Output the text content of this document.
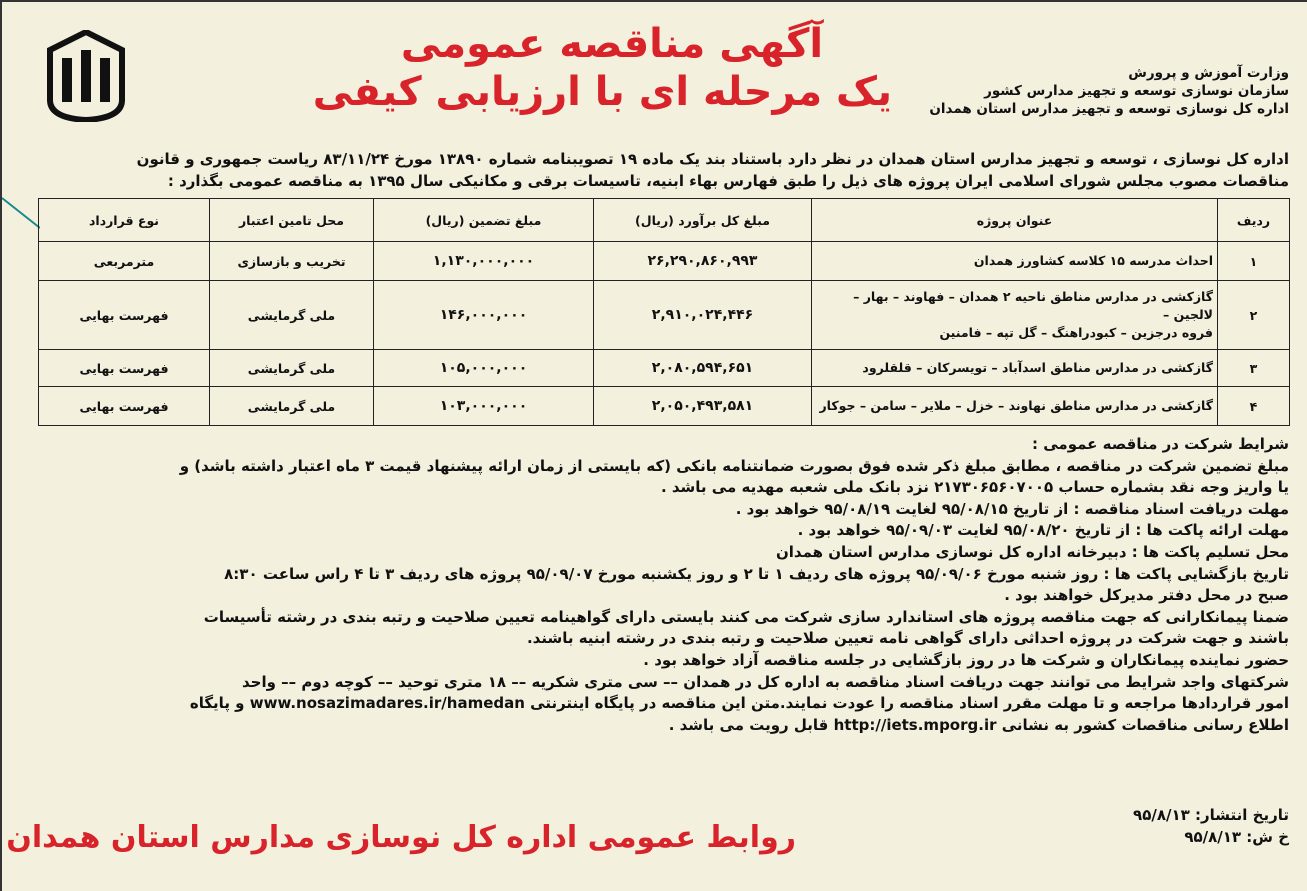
آگهی مناقصه عمومی
یک مرحله ای با ارزیابی کیفی	وزارت آموزش و پرورش
سازمان نوسازی توسعه و تجهیز مدارس کشور
اداره کل نوسازی توسعه و تجهیز مدارس استان همدان
اداره کل نوسازی ، توسعه و تجهیز مدارس استان همدان در نظر دارد باستناد بند یک ماده ۱۹ تصویبنامه شماره ۱۳۸۹۰ مورخ ۸۳/۱۱/۲۴ ریاست جمهوری و قانون
مناقصات مصوب مجلس شورای اسلامی ایران پروژه های ذیل را طبق فهارس بهاء ابنیه، تاسیسات برقی و مکانیکی سال ۱۳۹۵ به مناقصه عمومی بگذارد :
ردیف	عنوان پروژه	مبلغ کل برآورد (ریال)	مبلغ تضمین (ریال)	محل تامین اعتبار	نوع قرارداد
۱	احداث مدرسه ۱۵ کلاسه کشاورز همدان	۲۶,۲۹۰,۸۶۰,۹۹۳	۱,۱۳۰,۰۰۰,۰۰۰	تخریب و بازسازی	مترمربعی
۲	گازکشی در مدارس مناطق ناحیه ۲ همدان – فهاوند – بهار – لالجین –
فروه درجزین – کبودراهنگ – گل تپه – فامنین	۲,۹۱۰,۰۲۴,۴۴۶	۱۴۶,۰۰۰,۰۰۰	ملی گرمایشی	فهرست بهایی
۳	گازکشی در مدارس مناطق اسدآباد – تویسرکان – قلقلرود	۲,۰۸۰,۵۹۴,۶۵۱	۱۰۵,۰۰۰,۰۰۰	ملی گرمایشی	فهرست بهایی
۴	گازکشی در مدارس مناطق نهاوند – خزل – ملایر – سامن – جوکار	۲,۰۵۰,۴۹۳,۵۸۱	۱۰۳,۰۰۰,۰۰۰	ملی گرمایشی	فهرست بهایی
شرایط شرکت در مناقصه عمومی :
مبلغ تضمین شرکت در مناقصه ، مطابق مبلغ ذکر شده فوق بصورت ضمانتنامه بانکی (که بایستی از زمان ارائه پیشنهاد قیمت ۳ ماه اعتبار داشته باشد) و
یا واریز وجه نقد بشماره حساب ۲۱۷۳۰۶۵۶۰۷۰۰۵ نزد بانک ملی شعبه مهدیه می باشد .
مهلت دریافت اسناد مناقصه : از تاریخ ۹۵/۰۸/۱۵ لغایت ۹۵/۰۸/۱۹ خواهد بود .
مهلت ارائه پاکت ها : از تاریخ ۹۵/۰۸/۲۰ لغایت ۹۵/۰۹/۰۳ خواهد بود .
محل تسلیم پاکت ها : دبیرخانه اداره کل نوسازی مدارس استان همدان
تاریخ بازگشایی پاکت ها : روز شنبه مورخ ۹۵/۰۹/۰۶ پروژه های ردیف ۱ تا ۲ و روز یکشنبه مورخ ۹۵/۰۹/۰۷ پروژه های ردیف ۳ تا ۴ راس ساعت ۸:۳۰
صبح در محل دفتر مدیرکل خواهند بود .
ضمنا پیمانکارانی که جهت مناقصه پروژه های استاندارد سازی شرکت می کنند بایستی دارای گواهینامه تعیین صلاحیت و رتبه بندی در رشته تأسیسات
باشند و جهت شرکت در پروژه احداثی دارای گواهی نامه تعیین صلاحیت و رتبه بندی در رشته ابنیه باشند.
حضور نماینده پیمانکاران و شرکت ها در روز بازگشایی در جلسه مناقصه آزاد خواهد بود .
شرکتهای واجد شرایط می توانند جهت دریافت اسناد مناقصه به اداره کل در همدان –– سی متری شکریه –– ۱۸ متری توحید –– کوچه دوم –– واحد
امور قراردادها مراجعه و تا مهلت مقرر اسناد مناقصه را عودت نمایند.متن این مناقصه در پایگاه اینترنتی www.nosazimadares.ir/hamedan و پایگاه
اطلاع رسانی مناقصات کشور به نشانی http://iets.mporg.ir قابل رویت می باشد .
تاریخ انتشار: ۹۵/۸/۱۳
خ ش: ۹۵/۸/۱۳
روابط عمومی اداره کل نوسازی مدارس استان همدان
